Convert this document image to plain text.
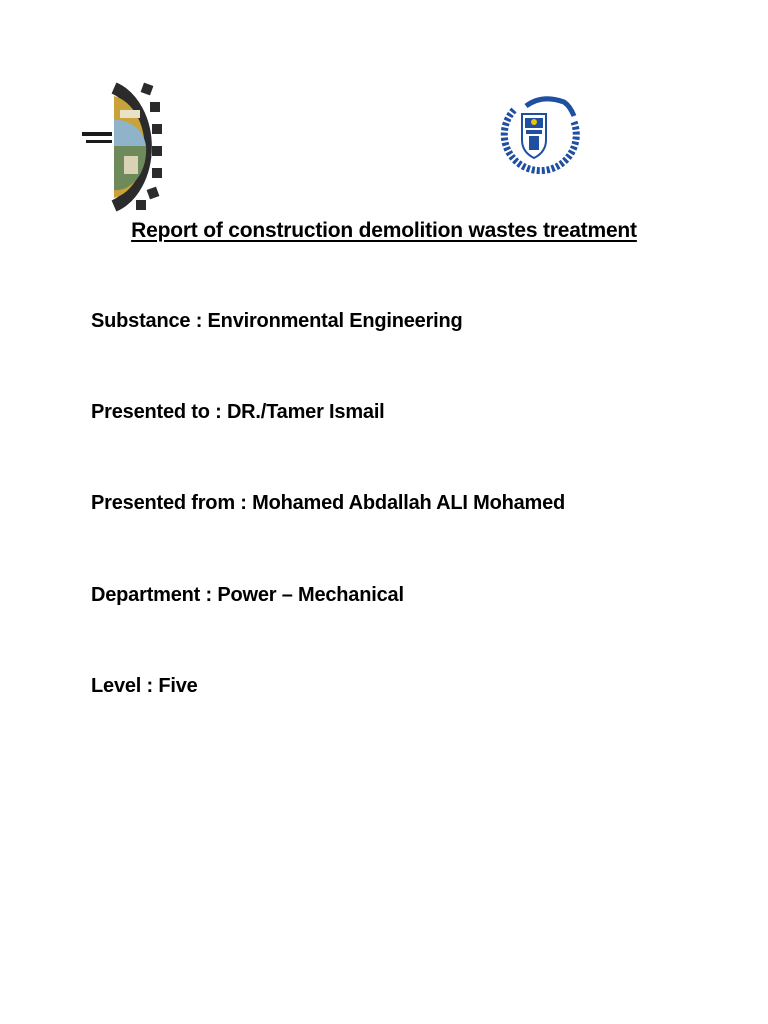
Report of construction demolition wastes treatment
Substance : Environmental Engineering
Presented to : DR./Tamer Ismail
Presented from : Mohamed Abdallah ALI Mohamed
Department : Power – Mechanical
Level : Five
